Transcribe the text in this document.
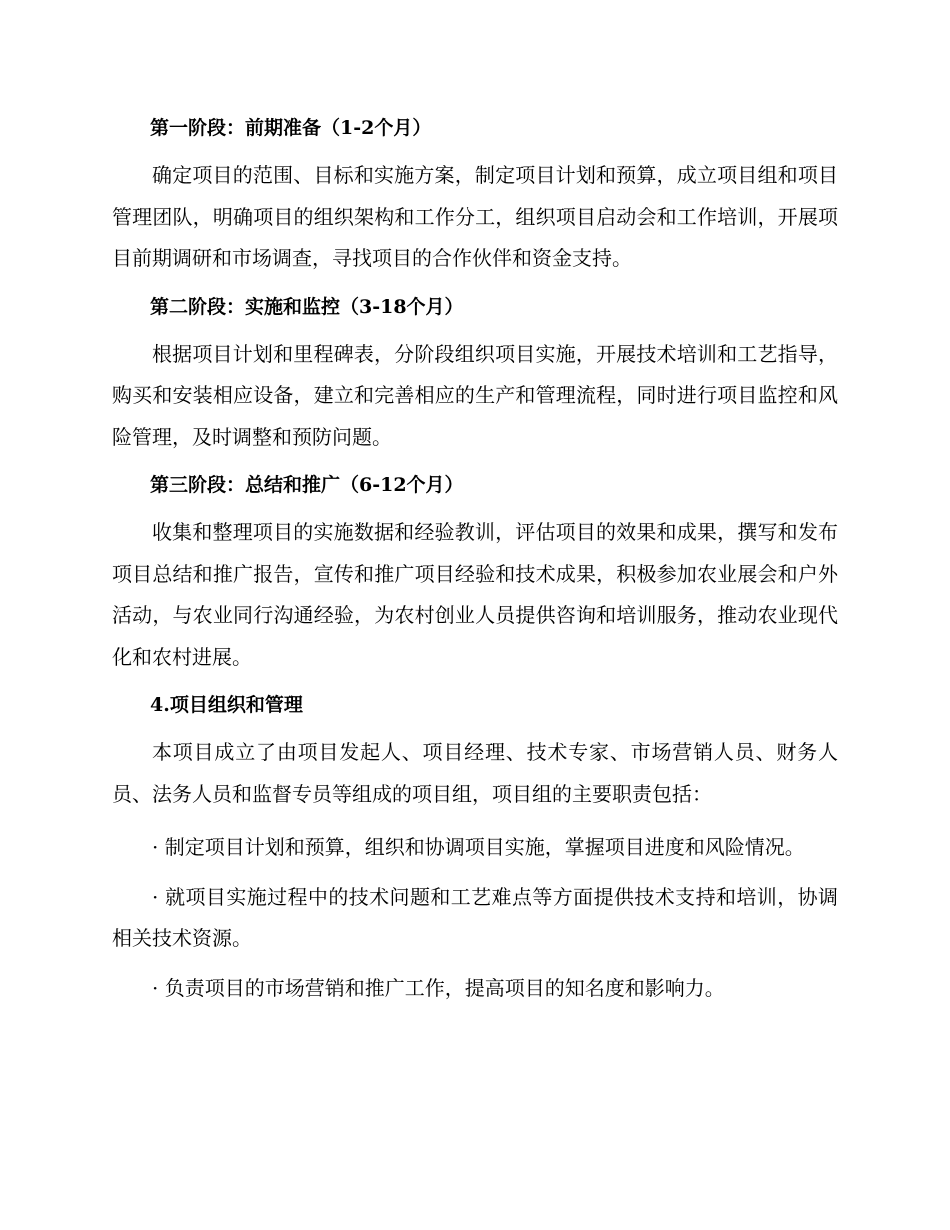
第一阶段：前期准备（1-2个月）

确定项目的范围、目标和实施方案，制定项目计划和预算，成立项目组和项目管理团队，明确项目的组织架构和工作分工，组织项目启动会和工作培训，开展项目前期调研和市场调查，寻找项目的合作伙伴和资金支持。

第二阶段：实施和监控（3-18个月）

根据项目计划和里程碑表，分阶段组织项目实施，开展技术培训和工艺指导，购买和安装相应设备，建立和完善相应的生产和管理流程，同时进行项目监控和风险管理，及时调整和预防问题。

第三阶段：总结和推广（6-12个月）

收集和整理项目的实施数据和经验教训，评估项目的效果和成果，撰写和发布项目总结和推广报告，宣传和推广项目经验和技术成果，积极参加农业展会和户外活动，与农业同行沟通经验，为农村创业人员提供咨询和培训服务，推动农业现代化和农村进展。

4.项目组织和管理

本项目成立了由项目发起人、项目经理、技术专家、市场营销人员、财务人员、法务人员和监督专员等组成的项目组，项目组的主要职责包括：

· 制定项目计划和预算，组织和协调项目实施，掌握项目进度和风险情况。

· 就项目实施过程中的技术问题和工艺难点等方面提供技术支持和培训，协调相关技术资源。

· 负责项目的市场营销和推广工作，提高项目的知名度和影响力。
